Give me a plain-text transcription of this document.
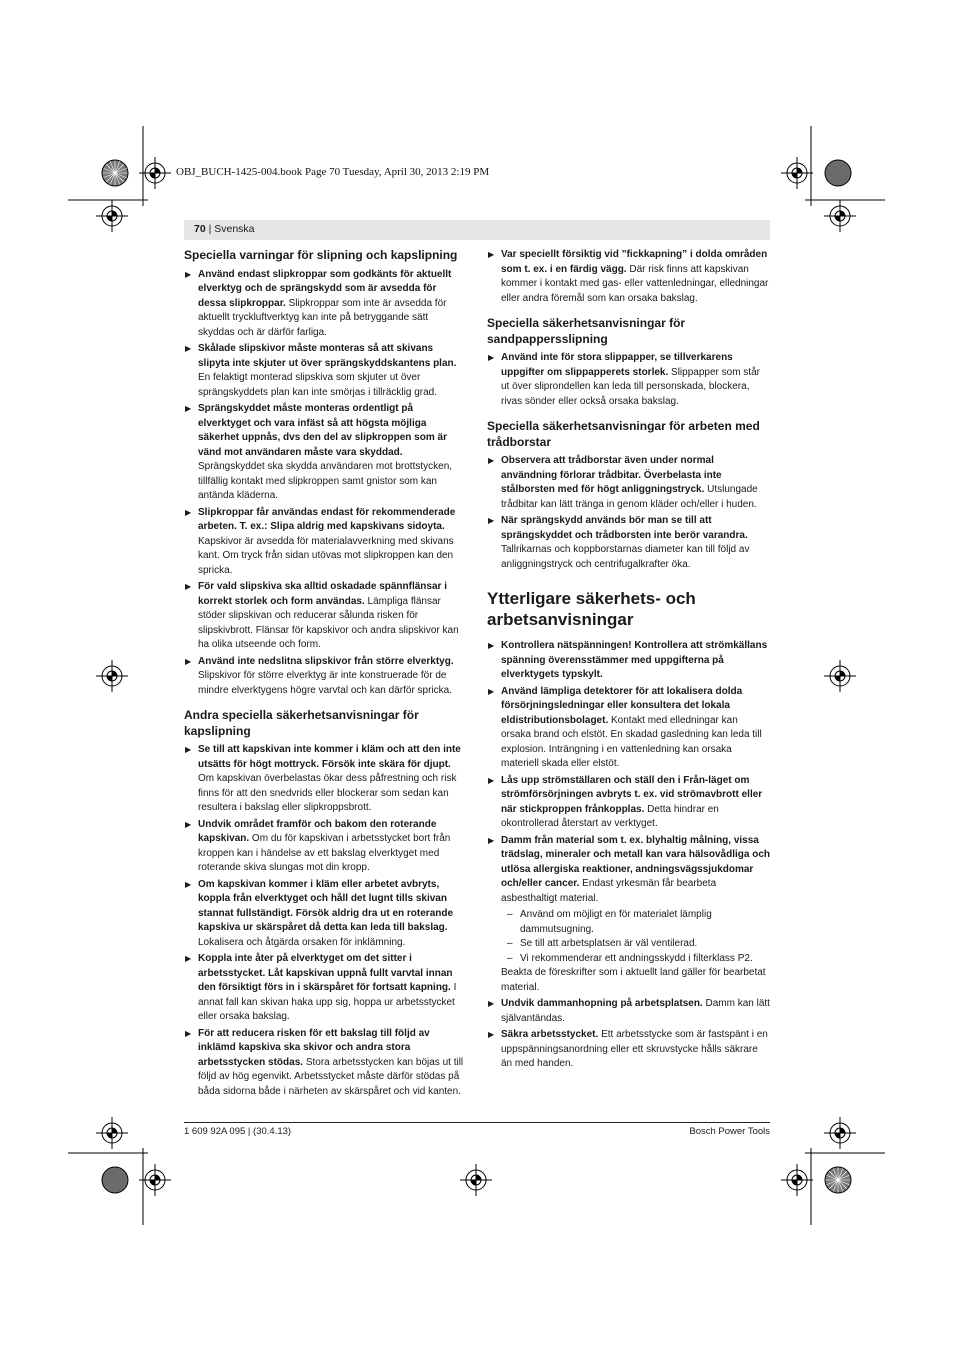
OBJ_BUCH-1425-004.book Page 70 Tuesday, April 30, 2013 2:19 PM
70 | Svenska
Speciella varningar för slipning och kapslipning
▶ Använd endast slipkroppar som godkänts för aktuellt elverktyg och de sprängskydd som är avsedda för dessa slipkroppar. Slipkroppar som inte är avsedda för aktuellt tryckluftverktyg kan inte på betryggande sätt skyddas och är därför farliga.
▶ Skålade slipskivor måste monteras så att skivans slipyta inte skjuter ut över sprängskyddskantens plan. En felaktigt monterad slipskiva som skjuter ut över sprängskyddets plan kan inte smörjas i tillräcklig grad.
▶ Sprängskyddet måste monteras ordentligt på elverktyget och vara infäst så att högsta möjliga säkerhet uppnås, dvs den del av slipkroppen som är vänd mot användaren måste vara skyddad. Sprängskyddet ska skydda användaren mot brottstycken, tillfällig kontakt med slipkroppen samt gnistor som kan antända kläderna.
▶ Slipkroppar får användas endast för rekommenderade arbeten. T. ex.: Slipa aldrig med kapskivans sidoyta. Kapskivor är avsedda för materialavverkning med skivans kant. Om tryck från sidan utövas mot slipkroppen kan den spricka.
▶ För vald slipskiva ska alltid oskadade spännflänsar i korrekt storlek och form användas. Lämpliga flänsar stöder slipskivan och reducerar sålunda risken för slipskivbrott. Flänsar för kapskivor och andra slipskivor kan ha olika utseende och form.
▶ Använd inte nedslitna slipskivor från större elverktyg. Slipskivor för större elverktyg är inte konstruerade för de mindre elverktygens högre varvtal och kan därför spricka.
Andra speciella säkerhetsanvisningar för kapslipning
▶ Se till att kapskivan inte kommer i kläm och att den inte utsätts för högt mottryck. Försök inte skära för djupt. Om kapskivan överbelastas ökar dess påfrestning och risk finns för att den snedvrids eller blockerar som sedan kan resultera i bakslag eller slipkroppsbrott.
▶ Undvik området framför och bakom den roterande kapskivan. Om du för kapskivan i arbetsstycket bort från kroppen kan i händelse av ett bakslag elverktyget med roterande skiva slungas mot din kropp.
▶ Om kapskivan kommer i kläm eller arbetet avbryts, koppla från elverktyget och håll det lugnt tills skivan stannat fullständigt. Försök aldrig dra ut en roterande kapskiva ur skärspåret då detta kan leda till bakslag. Lokalisera och åtgärda orsaken för inklämning.
▶ Koppla inte åter på elverktyget om det sitter i arbetsstycket. Låt kapskivan uppnå fullt varvtal innan den försiktigt förs in i skärspåret för fortsatt kapning. I annat fall kan skivan haka upp sig, hoppa ur arbetsstycket eller orsaka bakslag.
▶ För att reducera risken för ett bakslag till följd av inklämd kapskiva ska skivor och andra stora arbetsstycken stödas. Stora arbetsstycken kan böjas ut till följd av hög egenvikt. Arbetsstycket måste därför stödas på båda sidorna både i närheten av skärspåret och vid kanten.
▶ Var speciellt försiktig vid ”fickkapning” i dolda områden som t. ex. i en färdig vägg. Där risk finns att kapskivan kommer i kontakt med gas- eller vattenledningar, elledningar eller andra föremål som kan orsaka bakslag.
Speciella säkerhetsanvisningar för sandpappersslipning
▶ Använd inte för stora slippapper, se tillverkarens uppgifter om slippapperets storlek. Slippapper som står ut över sliprondellen kan leda till personskada, blockera, rivas sönder eller också orsaka bakslag.
Speciella säkerhetsanvisningar för arbeten med trådborstar
▶ Observera att trådborstar även under normal användning förlorar trådbitar. Överbelasta inte stålborsten med för högt anliggningstryck. Utslungade trådbitar kan lätt tränga in genom kläder och/eller i huden.
▶ När sprängskydd används bör man se till att sprängskyddet och trådborsten inte berör varandra. Tallrikarnas och koppborstarnas diameter kan till följd av anliggningstryck och centrifugalkrafter öka.
Ytterligare säkerhets- och arbetsanvisningar
▶ Kontrollera nätspänningen! Kontrollera att strömkällans spänning överensstämmer med uppgifterna på elverktygets typskylt.
▶ Använd lämpliga detektorer för att lokalisera dolda försörjningsledningar eller konsultera det lokala eldistributionsbolaget. Kontakt med elledningar kan orsaka brand och elstöt. En skadad gasledning kan leda till explosion. Inträngning i en vattenledning kan orsaka materiell skada eller elstöt.
▶ Lås upp strömställaren och ställ den i Från-läget om strömförsörjningen avbryts t. ex. vid strömavbrott eller när stickproppen frånkopplas. Detta hindrar en okontrollerad återstart av verktyget.
▶ Damm från material som t. ex. blyhaltig målning, vissa trädslag, mineraler och metall kan vara hälsovådliga och utlösa allergiska reaktioner, andningsvägssjukdomar och/eller cancer. Endast yrkesmän får bearbeta asbesthaltigt material.
– Använd om möjligt en för materialet lämplig dammutsugning.
– Se till att arbetsplatsen är väl ventilerad.
– Vi rekommenderar ett andningsskydd i filterklass P2.
Beakta de föreskrifter som i aktuellt land gäller för bearbetat material.
▶ Undvik dammanhopning på arbetsplatsen. Damm kan lätt självantändas.
▶ Säkra arbetsstycket. Ett arbetsstycke som är fastspänt i en uppspänningsanordning eller ett skruvstycke hålls säkrare än med handen.
1 609 92A 095 | (30.4.13)	Bosch Power Tools
